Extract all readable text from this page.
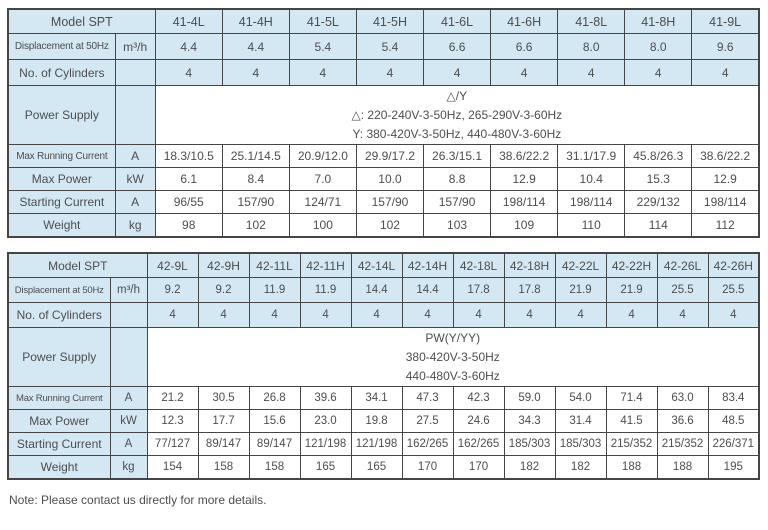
Model SPT		41-4L	41-4H	41-5L	41-5H	41-6L	41-6H	41-8L	41-8H	41-9L
Displacement at 50Hz	m³/h	4.4	4.4	5.4	5.4	6.6	6.6	8.0	8.0	9.6
No. of Cylinders		4	4	4	4	4	4	4	4	4
Power Supply		△/Y
△: 220-240V-3-50Hz, 265-290V-3-60Hz
Y: 380-420V-3-50Hz, 440-480V-3-60Hz								

Max Running Current	A	18.3/10.5	25.1/14.5	20.9/12.0	29.9/17.2	26.3/15.1	38.6/22.2	31.1/17.9	45.8/26.3	38.6/22.2
Max Power	kW	6.1	8.4	7.0	10.0	8.8	12.9	10.4	15.3	12.9
Starting Current	A	96/55	157/90	124/71	157/90	157/90	198/114	198/114	229/132	198/114
Weight	kg	98	102	100	102	103	109	110	114	112
Model SPT		42-9L	42-9H	42-11L	42-11H	42-14L	42-14H	42-18L	42-18H	42-22L	42-22H	42-26L	42-26H
Displacement at 50Hz	m³/h	9.2	9.2	11.9	11.9	14.4	14.4	17.8	17.8	21.9	21.9	25.5	25.5
No. of Cylinders		4	4	4	4	4	4	4	4	4	4	4	4
Power Supply		PW(Y/YY)
380-420V-3-50Hz
440-480V-3-60Hz											

Max Running Current	A	21.2	30.5	26.8	39.6	34.1	47.3	42.3	59.0	54.0	71.4	63.0	83.4
Max Power	kW	12.3	17.7	15.6	23.0	19.8	27.5	24.6	34.3	31.4	41.5	36.6	48.5
Starting Current	A	77/127	89/147	89/147	121/198	121/198	162/265	162/265	185/303	185/303	215/352	215/352	226/371
Weight	kg	154	158	158	165	165	170	170	182	182	188	188	195
Note: Please contact us directly for more details.
